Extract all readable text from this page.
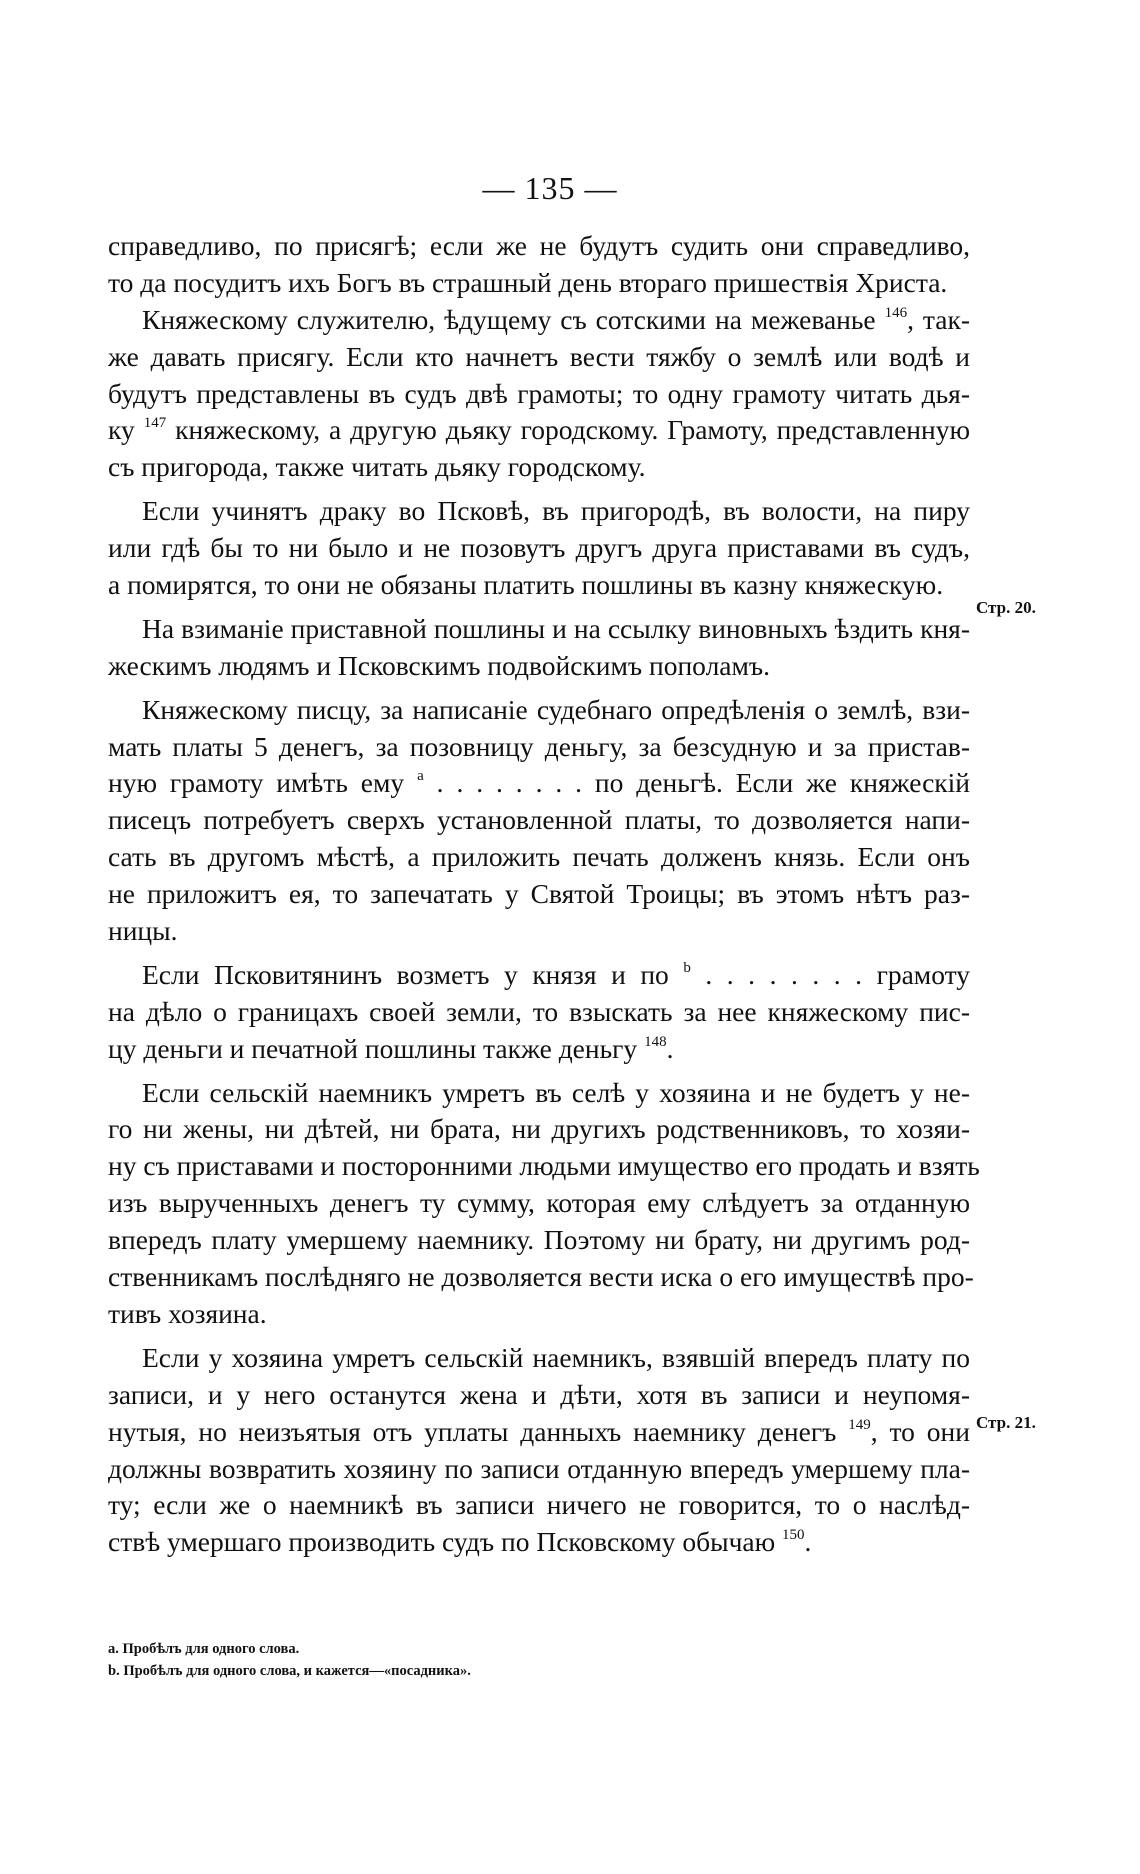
— 135 —
справедливо, по присягѣ; если же не будутъ судить они справедливо,
то да посудитъ ихъ Богъ въ страшный день втораго пришествія Христа.
Княжескому служителю, ѣдущему съ сотскими на межеванье $^{146}$, так-
же давать присягу. Если кто начнетъ вести тяжбу о землѣ или водѣ и
будутъ представлены въ судъ двѣ грамоты; то одну грамоту читать дья-
ку $^{147}$ княжескому, а другую дьяку городскому. Грамоту, представленную
съ пригорода, также читать дьяку городскому.
Если учинятъ драку во Псковѣ, въ пригородѣ, въ волости, на пиру
или гдѣ бы то ни было и не позовутъ другъ друга приставами въ судъ,
а помирятся, то они не обязаны платить пошлины въ казну княжескую.
На взиманіе приставной пошлины и на ссылку виновныхъ ѣздить кня-
жескимъ людямъ и Псковскимъ подвойскимъ пополамъ.
Княжескому писцу, за написаніе судебнаго опредѣленія о землѣ, взи-
мать платы 5 денегъ, за позовницу деньгу, за безсудную и за пристав-
ную грамоту имѣть ему $^а$ . . . . . . . . по деньгѣ. Если же княжескій
писецъ потребуетъ сверхъ установленной платы, то дозволяется напи-
сать въ другомъ мѣстѣ, а приложить печать долженъ князь. Если онъ
не приложитъ ея, то запечатать у Святой Троицы; въ этомъ нѣтъ раз-
ницы.
Если Псковитянинъ возметъ у князя и по $^b$ . . . . . . . . грамоту
на дѣло о границахъ своей земли, то взыскать за нее княжескому пис-
цу деньги и печатной пошлины также деньгу $^{148}$.
Если сельскій наемникъ умретъ въ селѣ у хозяина и не будетъ у не-
го ни жены, ни дѣтей, ни брата, ни другихъ родственниковъ, то хозяи-
ну съ приставами и посторонними людьми имущество его продать и взять
изъ вырученныхъ денегъ ту сумму, которая ему слѣдуетъ за отданную
впередъ плату умершему наемнику. Поэтому ни брату, ни другимъ род-
ственникамъ послѣдняго не дозволяется вести иска о его имуществѣ про-
тивъ хозяина.
Если у хозяина умретъ сельскій наемникъ, взявшій впередъ плату по
записи, и у него останутся жена и дѣти, хотя въ записи и неупомя-
нутыя, но неизъятыя отъ уплаты данныхъ наемнику денегъ $^{149}$, то они
должны возвратить хозяину по записи отданную впередъ умершему пла-
ту; если же о наемникѣ въ записи ничего не говорится, то о наслѣд-
ствѣ умершаго производить судъ по Псковскому обычаю $^{150}$.
Стр. 20.
Стр. 21.
а. Пробѣлъ для одного слова.
b. Пробѣлъ для одного слова, и кажется—«посадника».
